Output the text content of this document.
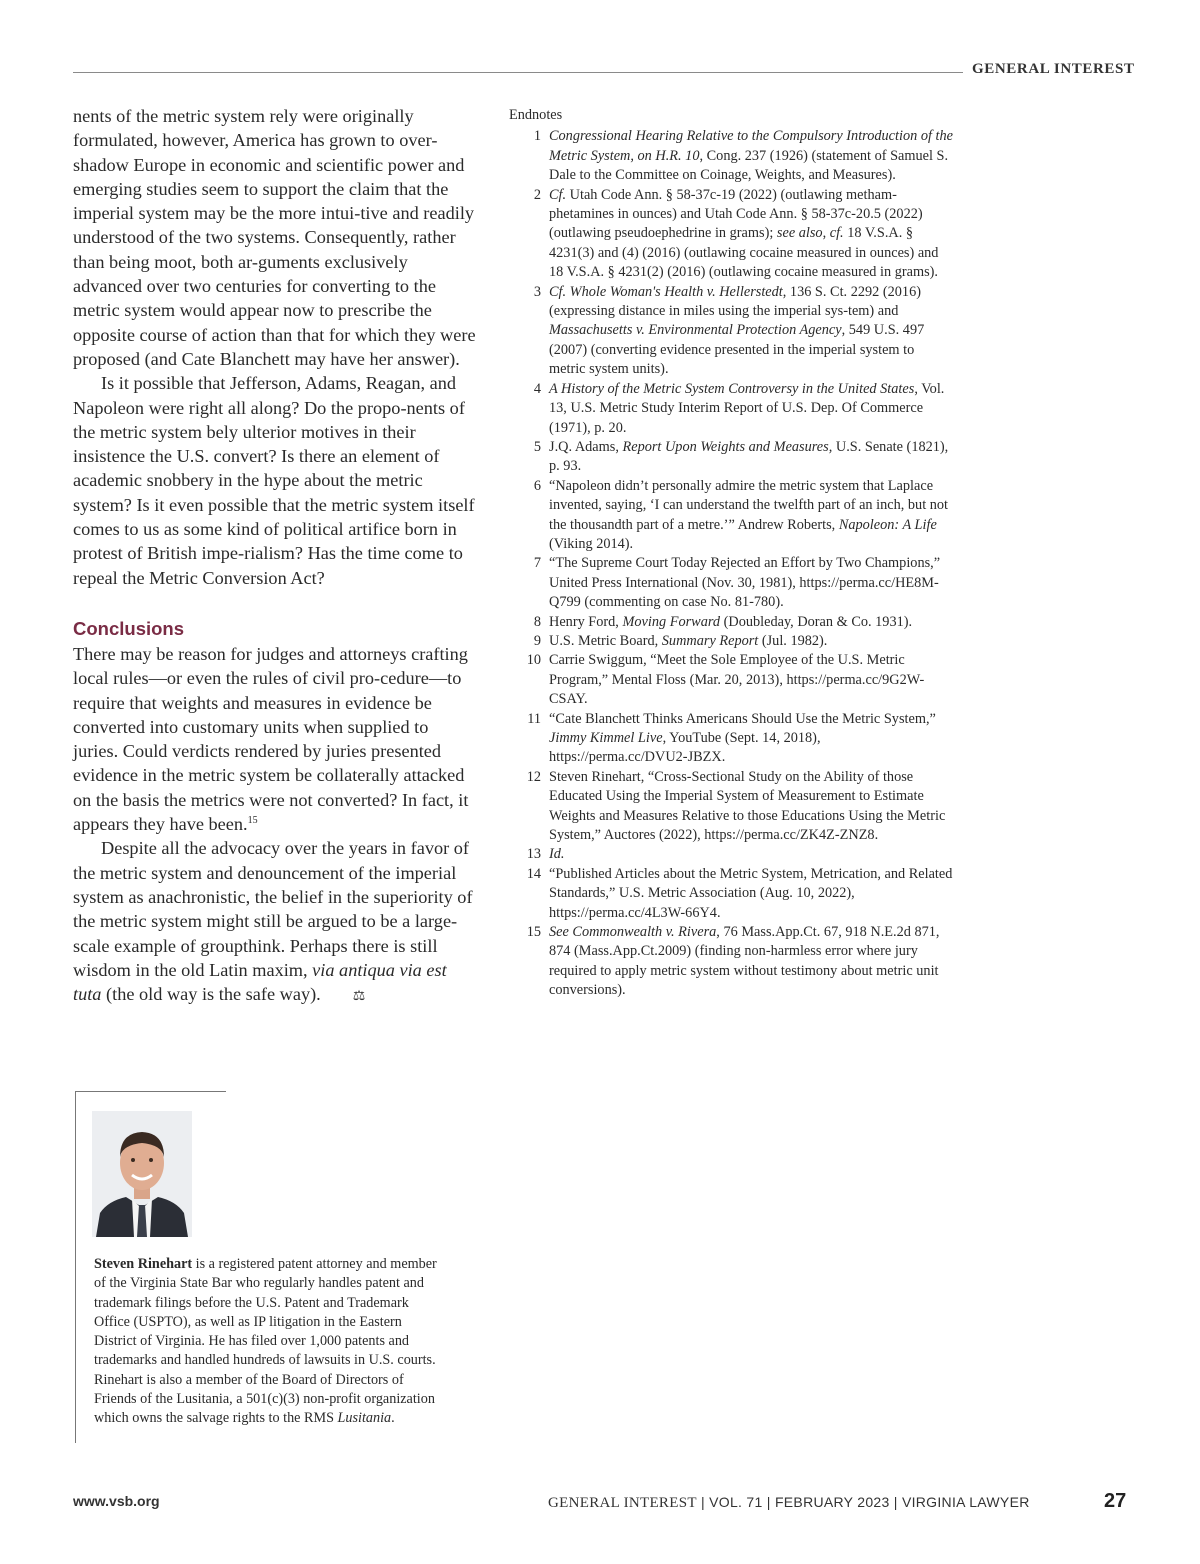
GENERAL INTEREST

nents of the metric system rely were originally formulated, however, America has grown to over-shadow Europe in economic and scientific power and emerging studies seem to support the claim that the imperial system may be the more intui-tive and readily understood of the two systems. Consequently, rather than being moot, both ar-guments exclusively advanced over two centuries for converting to the metric system would appear now to prescribe the opposite course of action than that for which they were proposed (and Cate Blanchett may have her answer).

Is it possible that Jefferson, Adams, Reagan, and Napoleon were right all along? Do the propo-nents of the metric system bely ulterior motives in their insistence the U.S. convert? Is there an element of academic snobbery in the hype about the metric system? Is it even possible that the metric system itself comes to us as some kind of political artifice born in protest of British impe-rialism? Has the time come to repeal the Metric Conversion Act?

Conclusions

There may be reason for judges and attorneys crafting local rules—or even the rules of civil pro-cedure—to require that weights and measures in evidence be converted into customary units when supplied to juries. Could verdicts rendered by juries presented evidence in the metric system be collaterally attacked on the basis the metrics were not converted? In fact, it appears they have been.$^{15}$

Despite all the advocacy over the years in favor of the metric system and denouncement of the imperial system as anachronistic, the belief in the superiority of the metric system might still be argued to be a large-scale example of groupthink. Perhaps there is still wisdom in the old Latin maxim, via antiqua via est tuta (the old way is the safe way). ⚖

Endnotes
1 Congressional Hearing Relative to the Compulsory Introduction of the Metric System, on H.R. 10, Cong. 237 (1926) (statement of Samuel S. Dale to the Committee on Coinage, Weights, and Measures).
2 Cf. Utah Code Ann. § 58-37c-19 (2022) (outlawing metham-phetamines in ounces) and Utah Code Ann. § 58-37c-20.5 (2022) (outlawing pseudoephedrine in grams); see also, cf. 18 V.S.A. § 4231(3) and (4) (2016) (outlawing cocaine measured in ounces) and 18 V.S.A. § 4231(2) (2016) (outlawing cocaine measured in grams).
3 Cf. Whole Woman's Health v. Hellerstedt, 136 S. Ct. 2292 (2016) (expressing distance in miles using the imperial sys-tem) and Massachusetts v. Environmental Protection Agency, 549 U.S. 497 (2007) (converting evidence presented in the imperial system to metric system units).
4 A History of the Metric System Controversy in the United States, Vol. 13, U.S. Metric Study Interim Report of U.S. Dep. Of Commerce (1971), p. 20.
5 J.Q. Adams, Report Upon Weights and Measures, U.S. Senate (1821), p. 93.
6 “Napoleon didn’t personally admire the metric system that Laplace invented, saying, ‘I can understand the twelfth part of an inch, but not the thousandth part of a metre.’” Andrew Roberts, Napoleon: A Life (Viking 2014).
7 “The Supreme Court Today Rejected an Effort by Two Champions,” United Press International (Nov. 30, 1981), https://perma.cc/HE8M-Q799 (commenting on case No. 81-780).
8 Henry Ford, Moving Forward (Doubleday, Doran & Co. 1931).
9 U.S. Metric Board, Summary Report (Jul. 1982).
10 Carrie Swiggum, “Meet the Sole Employee of the U.S. Metric Program,” Mental Floss (Mar. 20, 2013), https://perma.cc/9G2W-CSAY.
11 “Cate Blanchett Thinks Americans Should Use the Metric System,” Jimmy Kimmel Live, YouTube (Sept. 14, 2018), https://perma.cc/DVU2-JBZX.
12 Steven Rinehart, “Cross-Sectional Study on the Ability of those Educated Using the Imperial System of Measurement to Estimate Weights and Measures Relative to those Educations Using the Metric System,” Auctores (2022), https://perma.cc/ZK4Z-ZNZ8.
13 Id.
14 “Published Articles about the Metric System, Metrication, and Related Standards,” U.S. Metric Association (Aug. 10, 2022), https://perma.cc/4L3W-66Y4.
15 See Commonwealth v. Rivera, 76 Mass.App.Ct. 67, 918 N.E.2d 871, 874 (Mass.App.Ct.2009) (finding non-harmless error where jury required to apply metric system without testimony about metric unit conversions).
Steven Rinehart is a registered patent attorney and member of the Virginia State Bar who regularly handles patent and trademark filings before the U.S. Patent and Trademark Office (USPTO), as well as IP litigation in the Eastern District of Virginia. He has filed over 1,000 patents and trademarks and handled hundreds of lawsuits in U.S. courts. Rinehart is also a member of the Board of Directors of Friends of the Lusitania, a 501(c)(3) non-profit organization which owns the salvage rights to the RMS Lusitania.
www.vsb.org	GENERAL INTEREST | VOL. 71 | FEBRUARY 2023 | VIRGINIA LAWYER	27
